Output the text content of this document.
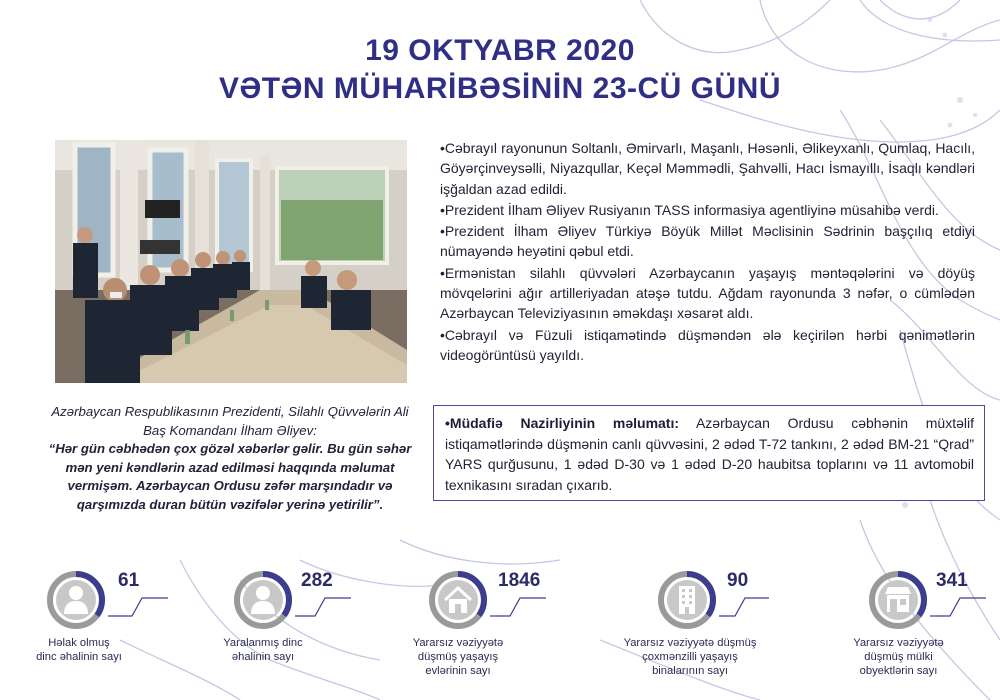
19 OKTYABR 2020
VƏTƏN MÜHARİBƏSİNİN 23-CÜ GÜNÜ
Azərbaycan Respublikasının Prezidenti, Silahlı Qüvvələrin Ali Baş Komandanı İlham Əliyev:
“Hər gün cəbhədən çox gözəl xəbərlər gəlir. Bu gün səhər mən yeni kəndlərin azad edilməsi haqqında məlumat vermişəm. Azərbaycan Ordusu zəfər marşındadır və qarşımızda duran bütün vəzifələr yerinə yetirilir”.

•Cəbrayıl rayonunun Soltanlı, Əmirvarlı, Maşanlı, Həsənli, Əlikeyxanlı, Qumlaq, Hacılı, Göyərçinveysəlli, Niyazqullar, Keçəl Məmmədli, Şahvəlli, Hacı İsmayıllı, İsaqlı kəndləri işğaldan azad edildi.

•Prezident İlham Əliyev Rusiyanın TASS informasiya agentliyinə müsahibə verdi.

•Prezident İlham Əliyev Türkiyə Böyük Millət Məclisinin Sədrinin başçılıq etdiyi nümayəndə heyətini qəbul etdi.

•Ermənistan silahlı qüvvələri Azərbaycanın yaşayış məntəqələrini və döyüş mövqelərini ağır artilleriyadan atəşə tutdu. Ağdam rayonunda 3 nəfər, o cümlədən Azərbaycan Televiziyasının əməkdaşı xəsarət aldı.

•Cəbrayıl və Füzuli istiqamətində düşməndən ələ keçirilən hərbi qənimətlərin videogörüntüsü yayıldı.

•Müdafiə Nazirliyinin məlumatı: Azərbaycan Ordusu cəbhənin müxtəlif istiqamətlərində düşmənin canlı qüvvəsini, 2 ədəd T-72 tankını, 2 ədəd BM-21 “Qrad” YARS qurğusunu, 1 ədəd D-30 və 1 ədəd D-20 haubitsa toplarını və 11 avtomobil texnikasını sıradan çıxarıb.
61
Həlak olmuş
dinc əhalinin sayı
282
Yaralanmış dinc
əhalinin sayı
1846
Yararsız vəziyyətə
düşmüş yaşayış
evlərinin sayı
90
Yararsız vəziyyətə düşmüş
çoxmənzilli yaşayış
binalarının sayı
341
Yararsız vəziyyətə
düşmüş mülki
obyektlərin sayı
